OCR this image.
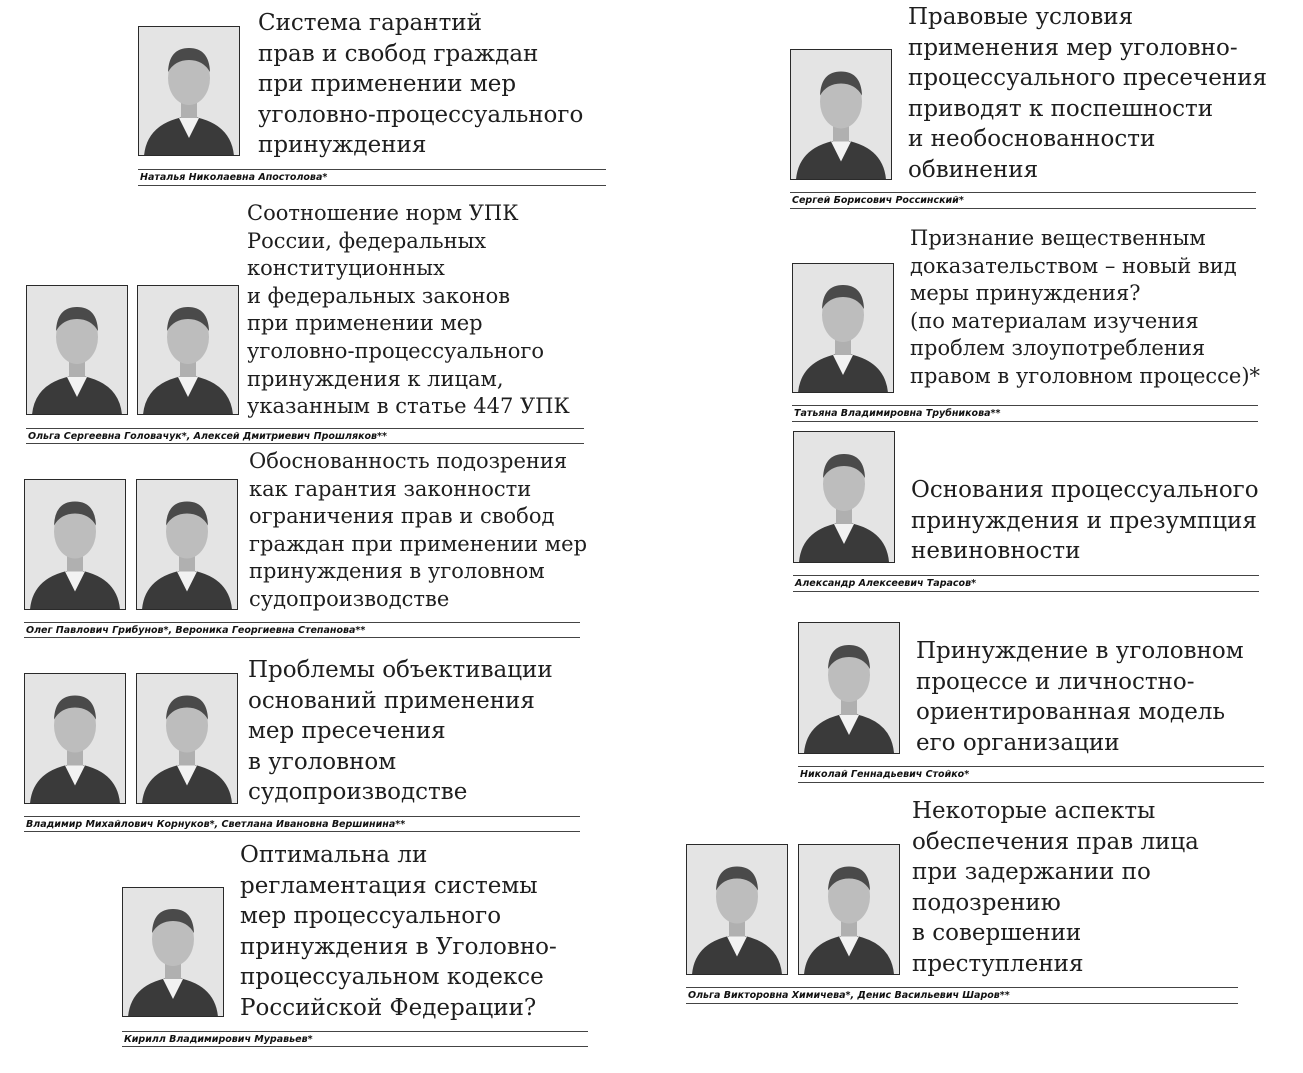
Система гарантий
прав и свобод граждан
при применении мер
уголовно-процессуального
принуждения
Наталья Николаевна Апостолова*
Соотношение норм УПК
России, федеральных
конституционных
и федеральных законов
при применении мер
уголовно-процессуального
принуждения к лицам,
указанным в статье 447 УПК
Ольга Сергеевна Головачук*, Алексей Дмитриевич Прошляков**
Обоснованность подозрения
как гарантия законности
ограничения прав и свобод
граждан при применении мер
принуждения в уголовном
судопроизводстве
Олег Павлович Грибунов*, Вероника Георгиевна Степанова**
Проблемы объективации
оснований применения
мер пресечения
в уголовном
судопроизводстве
Владимир Михайлович Корнуков*, Светлана Ивановна Вершинина**
Оптимальна ли
регламентация системы
мер процессуального
принуждения в Уголовно-
процессуальном кодексе
Российской Федерации?
Кирилл Владимирович Муравьев*
Правовые условия
применения мер уголовно-
процессуального пресечения
приводят к поспешности
и необоснованности
обвинения
Сергей Борисович Россинский*
Признание вещественным
доказательством – новый вид
меры принуждения?
(по материалам изучения
проблем злоупотребления
правом в уголовном процессе)*
Татьяна Владимировна Трубникова**
Основания процессуального
принуждения и презумпция
невиновности
Александр Алексеевич Тарасов*
Принуждение в уголовном
процессе и личностно-
ориентированная модель
его организации
Николай Геннадьевич Стойко*
Некоторые аспекты
обеспечения прав лица
при задержании по
подозрению
в совершении
преступления
Ольга Викторовна Химичева*, Денис Васильевич Шаров**
